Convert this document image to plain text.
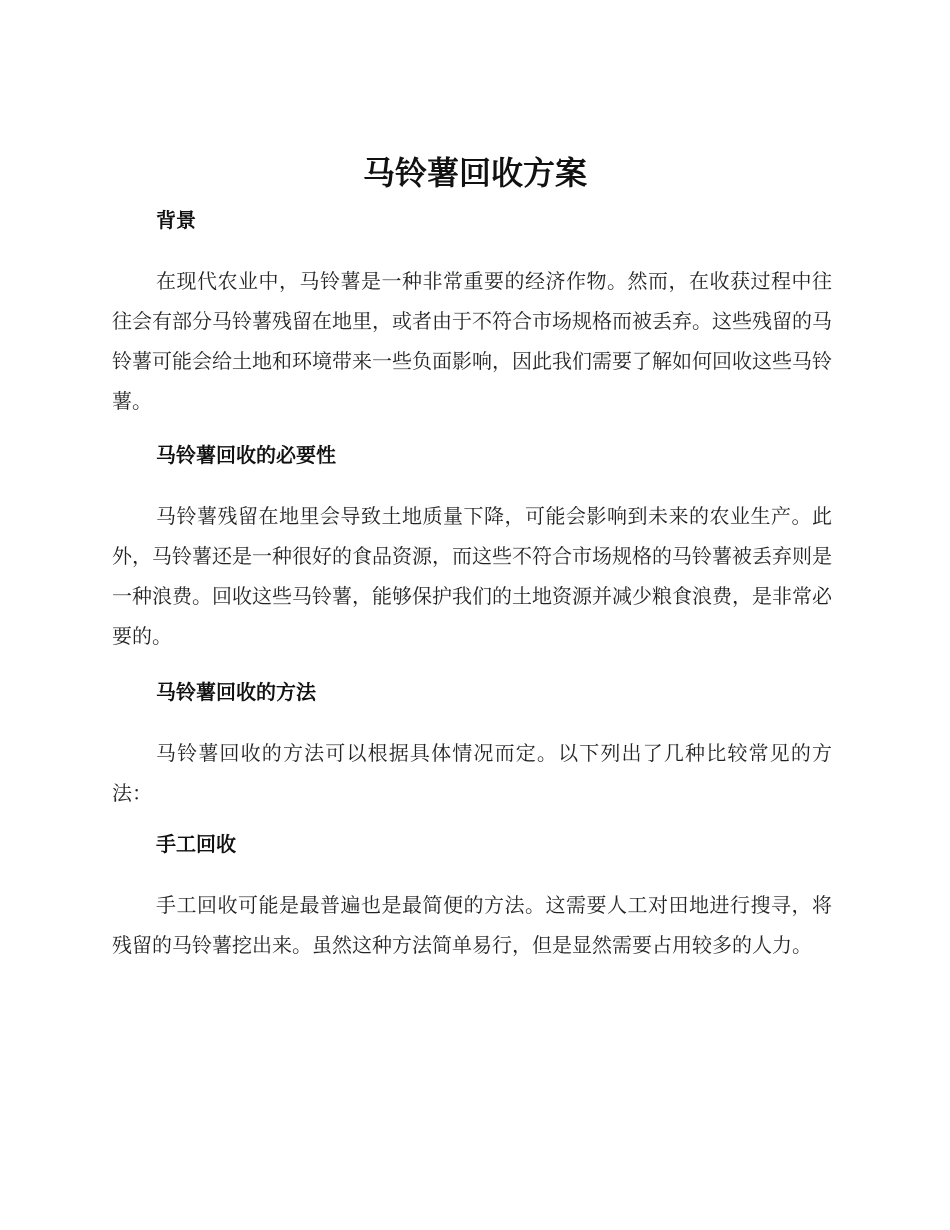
马铃薯回收方案
背景

在现代农业中，马铃薯是一种非常重要的经济作物。然而，在收获过程中往往会有部分马铃薯残留在地里，或者由于不符合市场规格而被丢弃。这些残留的马铃薯可能会给土地和环境带来一些负面影响，因此我们需要了解如何回收这些马铃薯。

马铃薯回收的必要性

马铃薯残留在地里会导致土地质量下降，可能会影响到未来的农业生产。此外，马铃薯还是一种很好的食品资源，而这些不符合市场规格的马铃薯被丢弃则是一种浪费。回收这些马铃薯，能够保护我们的土地资源并减少粮食浪费，是非常必要的。

马铃薯回收的方法

马铃薯回收的方法可以根据具体情况而定。以下列出了几种比较常见的方法：

手工回收

手工回收可能是最普遍也是最简便的方法。这需要人工对田地进行搜寻，将残留的马铃薯挖出来。虽然这种方法简单易行，但是显然需要占用较多的人力。
